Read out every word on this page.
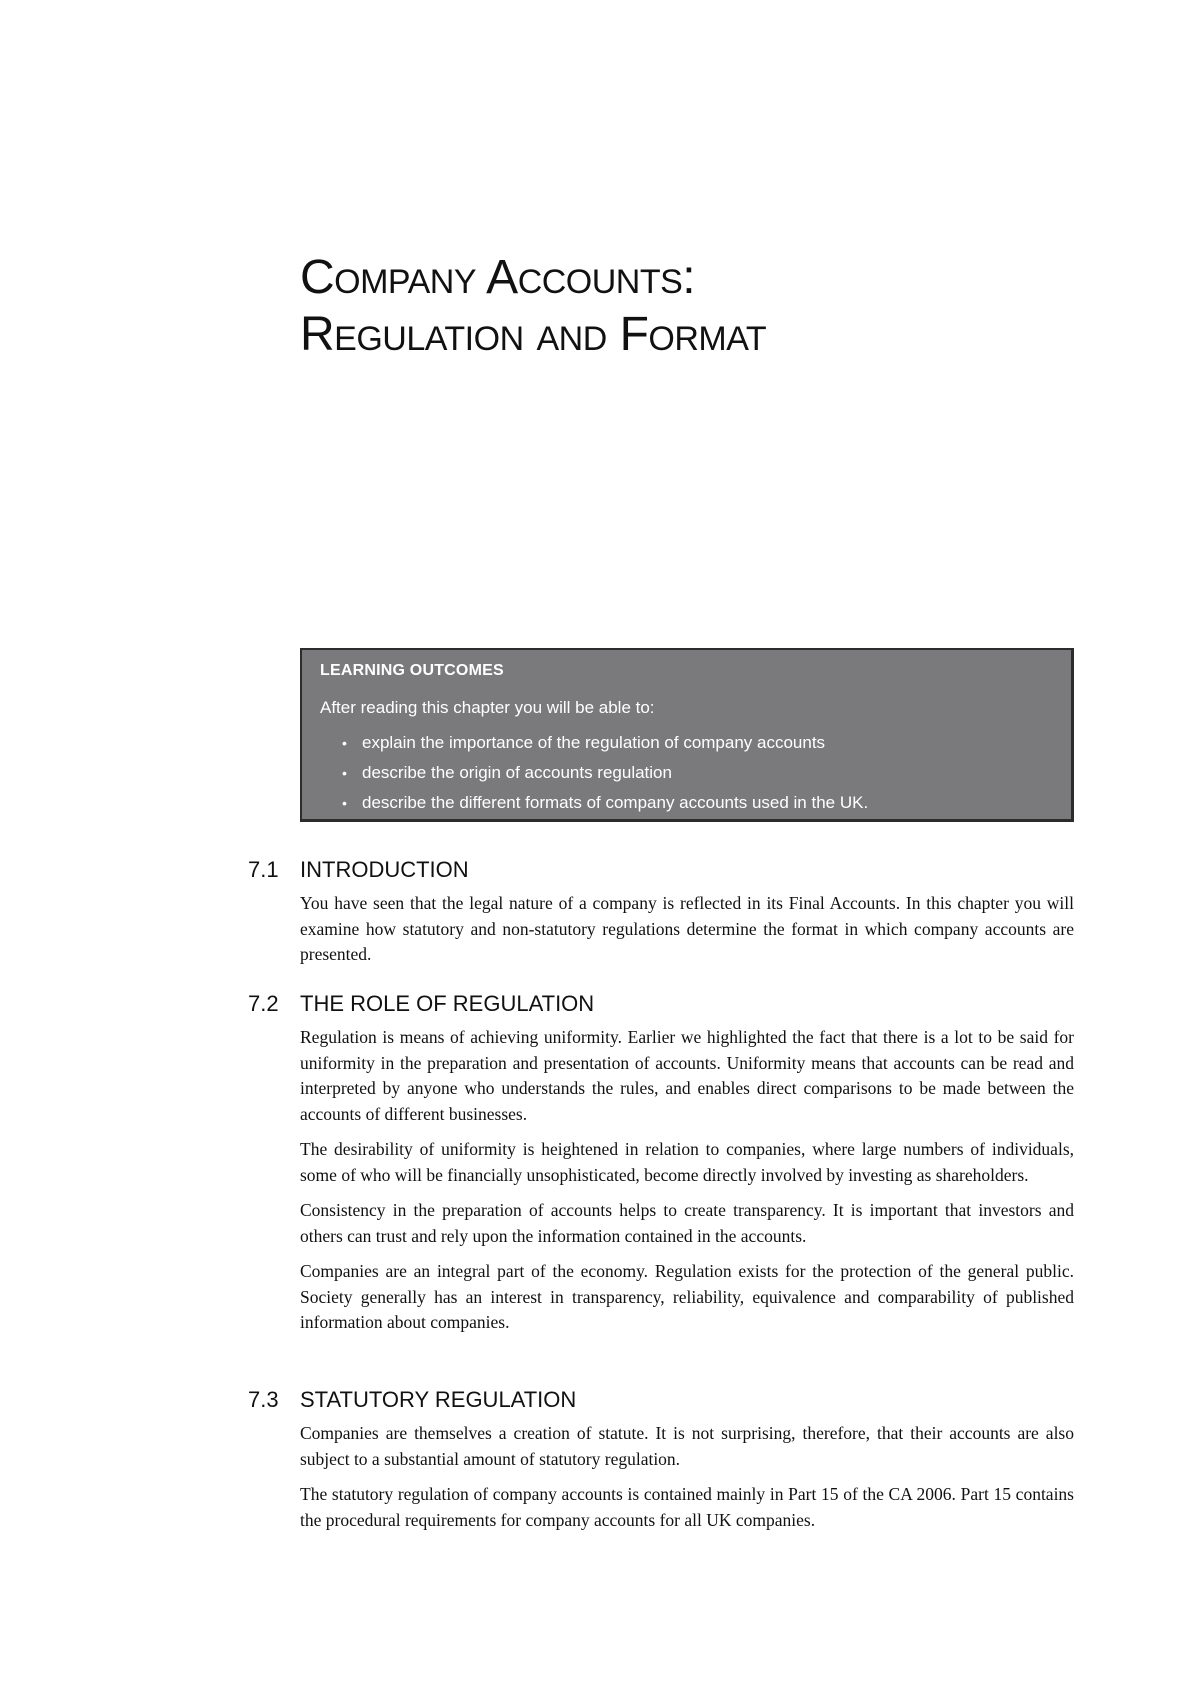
Company Accounts:
Regulation and Format
LEARNING OUTCOMES
After reading this chapter you will be able to:
• explain the importance of the regulation of company accounts
• describe the origin of accounts regulation
• describe the different formats of company accounts used in the UK.
7.1 INTRODUCTION

You have seen that the legal nature of a company is reflected in its Final Accounts. In this chapter you will examine how statutory and non-statutory regulations determine the format in which company accounts are presented.

7.2 THE ROLE OF REGULATION

Regulation is means of achieving uniformity. Earlier we highlighted the fact that there is a lot to be said for uniformity in the preparation and presentation of accounts. Uniformity means that accounts can be read and interpreted by anyone who understands the rules, and enables direct comparisons to be made between the accounts of different businesses.

The desirability of uniformity is heightened in relation to companies, where large numbers of individuals, some of who will be financially unsophisticated, become directly involved by investing as shareholders.

Consistency in the preparation of accounts helps to create transparency. It is important that investors and others can trust and rely upon the information contained in the accounts.

Companies are an integral part of the economy. Regulation exists for the protection of the general public. Society generally has an interest in transparency, reliability, equivalence and comparability of published information about companies.

7.3 STATUTORY REGULATION

Companies are themselves a creation of statute. It is not surprising, therefore, that their accounts are also subject to a substantial amount of statutory regulation.

The statutory regulation of company accounts is contained mainly in Part 15 of the CA 2006. Part 15 contains the procedural requirements for company accounts for all UK companies.
